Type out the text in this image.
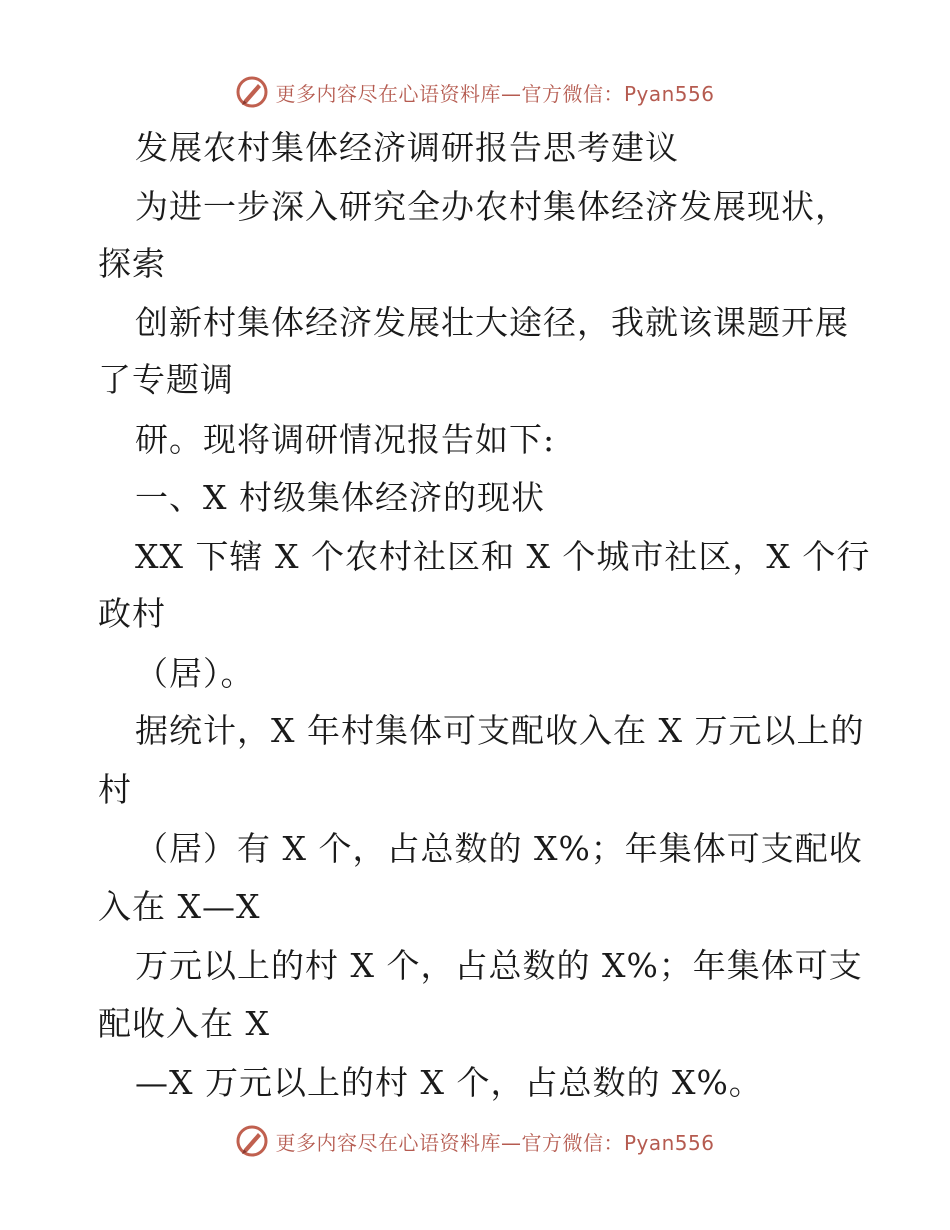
更多内容尽在心语资料库—官方微信：Pyan556
发展农村集体经济调研报告思考建议
为进一步深入研究全办农村集体经济发展现状，
探索
创新村集体经济发展壮大途径，我就该课题开展
了专题调
研。现将调研情况报告如下:
一、X 村级集体经济的现状
XX 下辖 X 个农村社区和 X 个城市社区，X 个行
政村
（居）。
据统计，X 年村集体可支配收入在 X 万元以上的
村
（居）有 X 个，占总数的 X%；年集体可支配收
入在 X—X
万元以上的村 X 个，占总数的 X%；年集体可支
配收入在 X
—X 万元以上的村 X 个，占总数的 X%。
更多内容尽在心语资料库—官方微信：Pyan556
